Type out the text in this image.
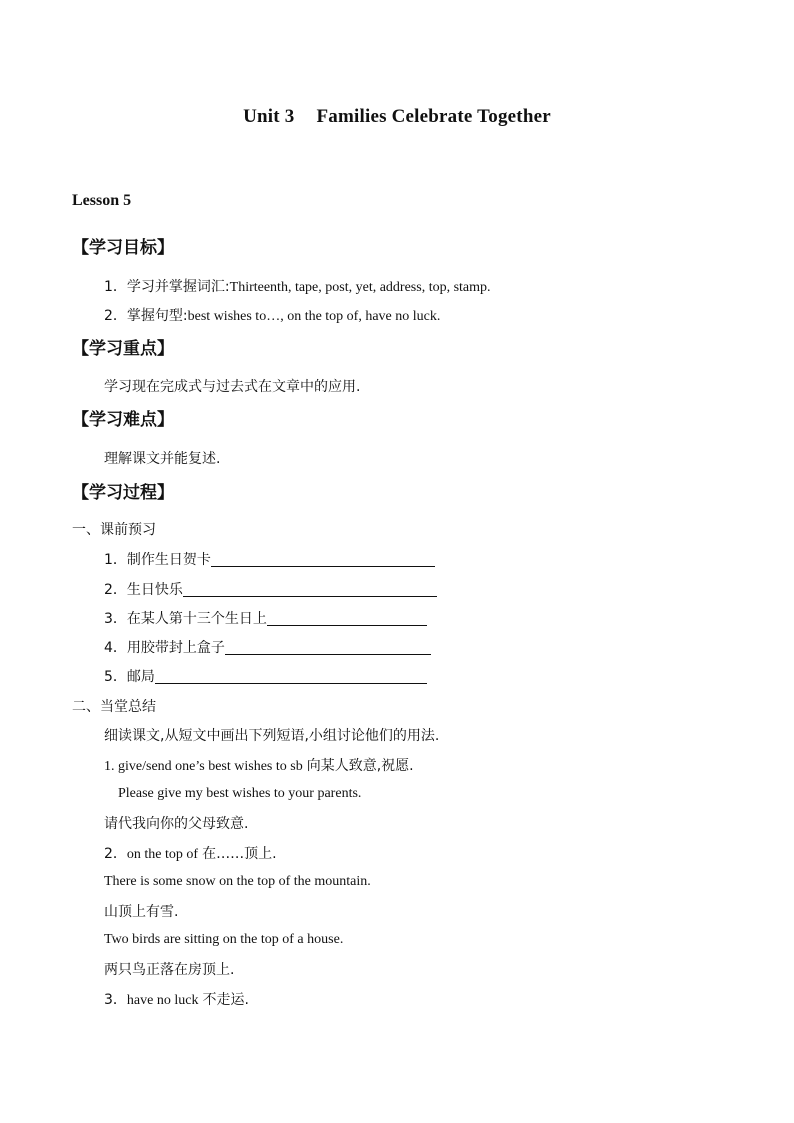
Unit 3 Families Celebrate Together
Lesson 5
【学习目标】
1．学习并掌握词汇:Thirteenth, tape, post, yet, address, top, stamp.
2．掌握句型:best wishes to…, on the top of, have no luck.
【学习重点】
学习现在完成式与过去式在文章中的应用.
【学习难点】
理解课文并能复述.
【学习过程】
一、课前预习
1．制作生日贺卡
2．生日快乐
3．在某人第十三个生日上
4．用胶带封上盒子
5．邮局
二、当堂总结
细读课文,从短文中画出下列短语,小组讨论他们的用法.
1. give/send one’s best wishes to sb 向某人致意,祝愿.
Please give my best wishes to your parents.
请代我向你的父母致意.
2．on the top of 在……顶上.
There is some snow on the top of the mountain.
山顶上有雪.
Two birds are sitting on the top of a house.
两只鸟正落在房顶上.
3．have no luck 不走运.
